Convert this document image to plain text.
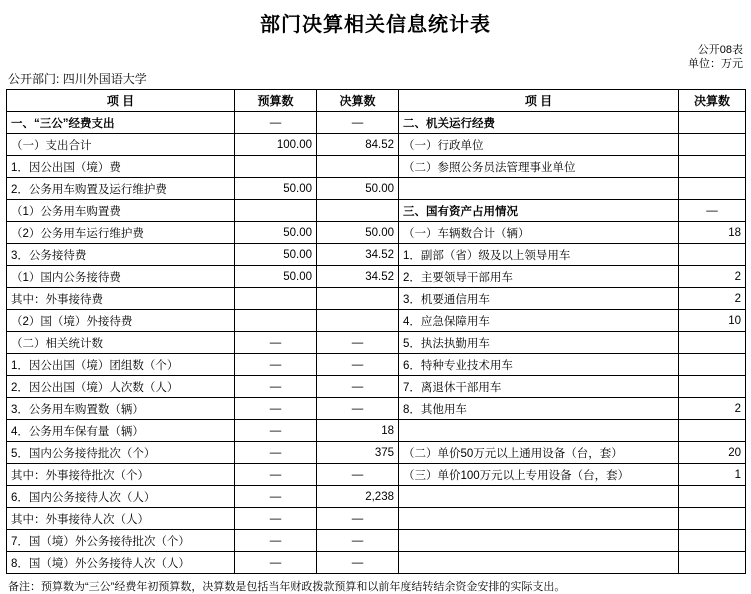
部门决算相关信息统计表
公开08表
单位：万元
公开部门: 四川外国语大学
项 目	预算数	决算数	项 目	决算数
一、“三公”经费支出	—	—	二、机关运行经费	
（一）支出合计	100.00	84.52	（一）行政单位	
1．因公出国（境）费			（二）参照公务员法管理事业单位	
2．公务用车购置及运行维护费	50.00	50.00		
（1）公务用车购置费			三、国有资产占用情况	—
（2）公务用车运行维护费	50.00	50.00	（一）车辆数合计（辆）	18
3．公务接待费	50.00	34.52	1．副部（省）级及以上领导用车	
（1）国内公务接待费	50.00	34.52	2．主要领导干部用车	2
其中：外事接待费			3．机要通信用车	2
（2）国（境）外接待费			4．应急保障用车	10
（二）相关统计数	—	—	5．执法执勤用车	
1．因公出国（境）团组数（个）	—	—	6．特种专业技术用车	
2．因公出国（境）人次数（人）	—	—	7．离退休干部用车	
3．公务用车购置数（辆）	—	—	8．其他用车	2
4．公务用车保有量（辆）	—	18		
5．国内公务接待批次（个）	—	375	（二）单价50万元以上通用设备（台，套）	20
其中：外事接待批次（个）	—	—	（三）单价100万元以上专用设备（台，套）	1
6．国内公务接待人次（人）	—	2,238		
其中：外事接待人次（人）	—	—		
7．国（境）外公务接待批次（个）	—	—		
8．国（境）外公务接待人次（人）	—	—		
备注：预算数为“三公”经费年初预算数，决算数是包括当年财政拨款预算和以前年度结转结余资金安排的实际支出。
